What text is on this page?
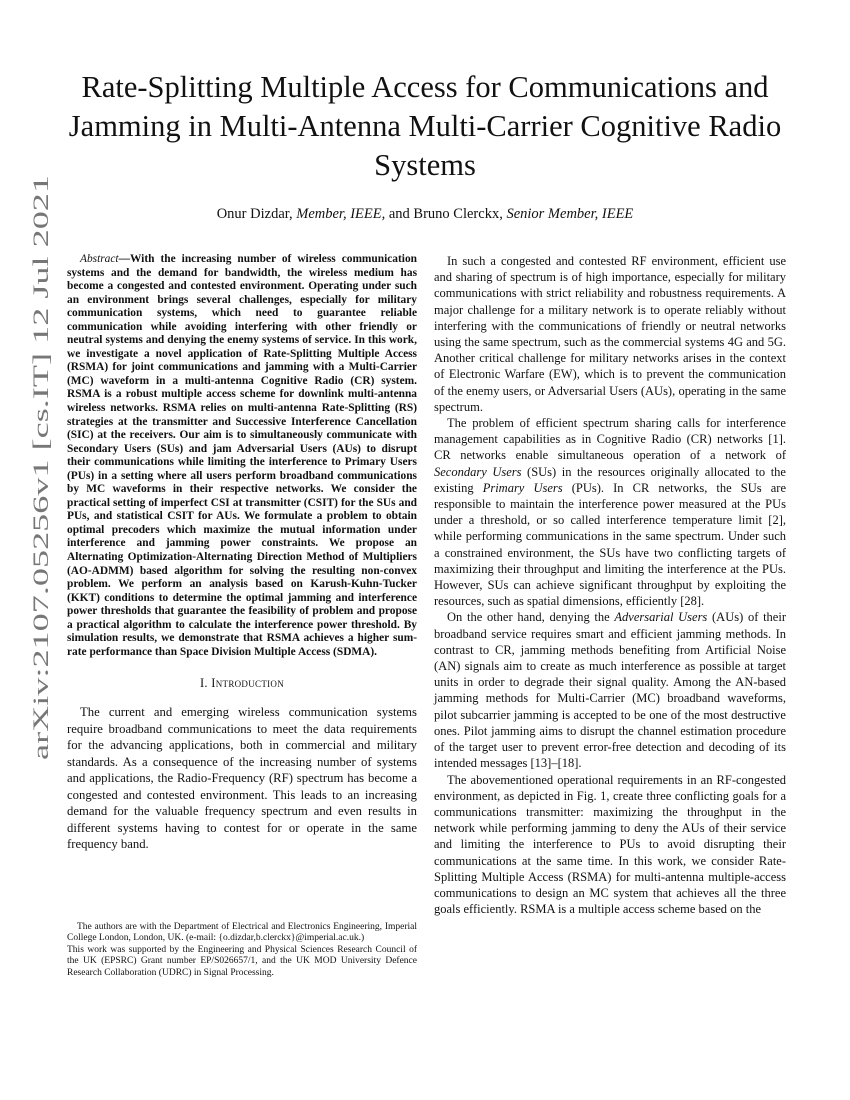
arXiv:2107.05256v1 [cs.IT] 12 Jul 2021
Rate-Splitting Multiple Access for Communications and Jamming in Multi-Antenna Multi-Carrier Cognitive Radio Systems
Onur Dizdar, Member, IEEE, and Bruno Clerckx, Senior Member, IEEE

Abstract—With the increasing number of wireless communication systems and the demand for bandwidth, the wireless medium has become a congested and contested environment. Operating under such an environment brings several challenges, especially for military communication systems, which need to guarantee reliable communication while avoiding interfering with other friendly or neutral systems and denying the enemy systems of service. In this work, we investigate a novel application of Rate-Splitting Multiple Access (RSMA) for joint communications and jamming with a Multi-Carrier (MC) waveform in a multi-antenna Cognitive Radio (CR) system. RSMA is a robust multiple access scheme for downlink multi-antenna wireless networks. RSMA relies on multi-antenna Rate-Splitting (RS) strategies at the transmitter and Successive Interference Cancellation (SIC) at the receivers. Our aim is to simultaneously communicate with Secondary Users (SUs) and jam Adversarial Users (AUs) to disrupt their communications while limiting the interference to Primary Users (PUs) in a setting where all users perform broadband communications by MC waveforms in their respective networks. We consider the practical setting of imperfect CSI at transmitter (CSIT) for the SUs and PUs, and statistical CSIT for AUs. We formulate a problem to obtain optimal precoders which maximize the mutual information under interference and jamming power constraints. We propose an Alternating Optimization-Alternating Direction Method of Multipliers (AO-ADMM) based algorithm for solving the resulting non-convex problem. We perform an analysis based on Karush-Kuhn-Tucker (KKT) conditions to determine the optimal jamming and interference power thresholds that guarantee the feasibility of problem and propose a practical algorithm to calculate the interference power threshold. By simulation results, we demonstrate that RSMA achieves a higher sum-rate performance than Space Division Multiple Access (SDMA).

I. Introduction

The current and emerging wireless communication systems require broadband communications to meet the data requirements for the advancing applications, both in commercial and military standards. As a consequence of the increasing number of systems and applications, the Radio-Frequency (RF) spectrum has become a congested and contested environment. This leads to an increasing demand for the valuable frequency spectrum and even results in different systems having to contest for or operate in the same frequency band.

The authors are with the Department of Electrical and Electronics Engineering, Imperial College London, London, UK. (e-mail: {o.dizdar,b.clerckx}@imperial.ac.uk.)

This work was supported by the Engineering and Physical Sciences Research Council of the UK (EPSRC) Grant number EP/S026657/1, and the UK MOD University Defence Research Collaboration (UDRC) in Signal Processing.

In such a congested and contested RF environment, efficient use and sharing of spectrum is of high importance, especially for military communications with strict reliability and robustness requirements. A major challenge for a military network is to operate reliably without interfering with the communications of friendly or neutral networks using the same spectrum, such as the commercial systems 4G and 5G. Another critical challenge for military networks arises in the context of Electronic Warfare (EW), which is to prevent the communication of the enemy users, or Adversarial Users (AUs), operating in the same spectrum.

The problem of efficient spectrum sharing calls for interference management capabilities as in Cognitive Radio (CR) networks [1]. CR networks enable simultaneous operation of a network of Secondary Users (SUs) in the resources originally allocated to the existing Primary Users (PUs). In CR networks, the SUs are responsible to maintain the interference power measured at the PUs under a threshold, or so called interference temperature limit [2], while performing communications in the same spectrum. Under such a constrained environment, the SUs have two conflicting targets of maximizing their throughput and limiting the interference at the PUs. However, SUs can achieve significant throughput by exploiting the resources, such as spatial dimensions, efficiently [28].

On the other hand, denying the Adversarial Users (AUs) of their broadband service requires smart and efficient jamming methods. In contrast to CR, jamming methods benefiting from Artificial Noise (AN) signals aim to create as much interference as possible at target units in order to degrade their signal quality. Among the AN-based jamming methods for Multi-Carrier (MC) broadband waveforms, pilot subcarrier jamming is accepted to be one of the most destructive ones. Pilot jamming aims to disrupt the channel estimation procedure of the target user to prevent error-free detection and decoding of its intended messages [13]–[18].

The abovementioned operational requirements in an RF-congested environment, as depicted in Fig. 1, create three conflicting goals for a communications transmitter: maximizing the throughput in the network while performing jamming to deny the AUs of their service and limiting the interference to PUs to avoid disrupting their communications at the same time. In this work, we consider Rate-Splitting Multiple Access (RSMA) for multi-antenna multiple-access communications to design an MC system that achieves all the three goals efficiently. RSMA is a multiple access scheme based on the
